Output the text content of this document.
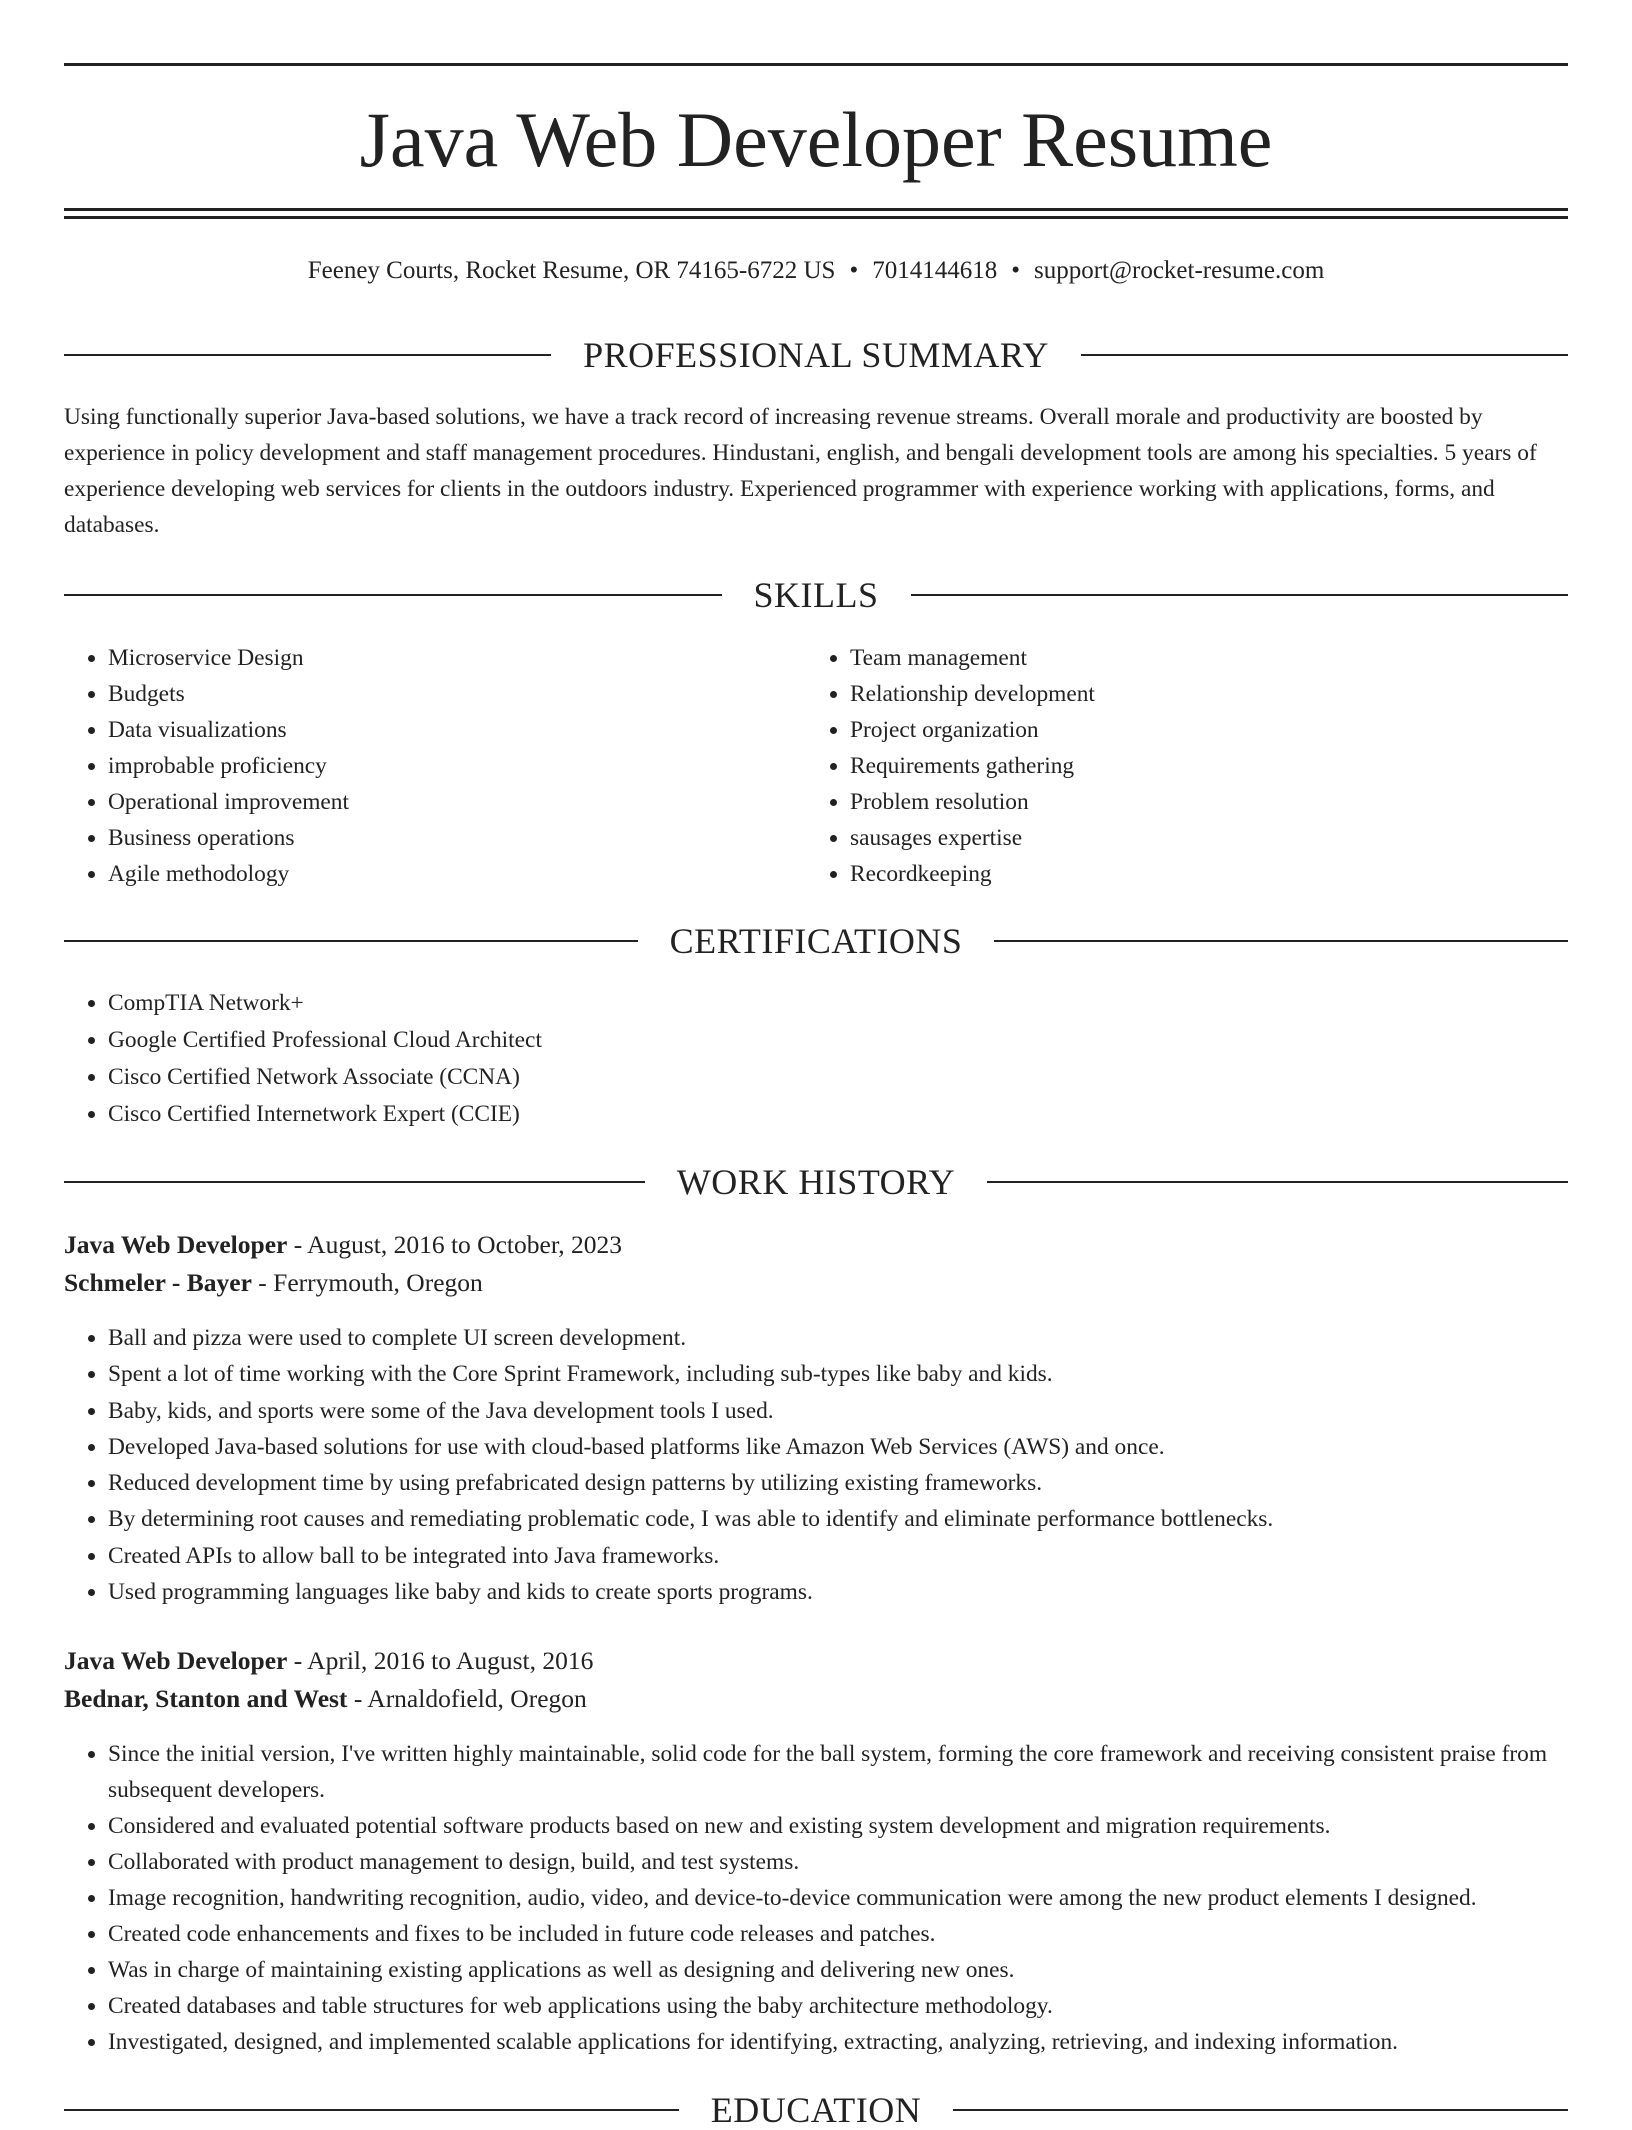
Java Web Developer Resume
Feeney Courts, Rocket Resume, OR 74165-6722 US • 7014144618 • support@rocket-resume.com
PROFESSIONAL SUMMARY

Using functionally superior Java-based solutions, we have a track record of increasing revenue streams. Overall morale and productivity are boosted by experience in policy development and staff management procedures. Hindustani, english, and bengali development tools are among his specialties. 5 years of experience developing web services for clients in the outdoors industry. Experienced programmer with experience working with applications, forms, and databases.

SKILLS
• Microservice Design
• Budgets
• Data visualizations
• improbable proficiency
• Operational improvement
• Business operations
• Agile methodology
• Team management
• Relationship development
• Project organization
• Requirements gathering
• Problem resolution
• sausages expertise
• Recordkeeping
CERTIFICATIONS
• CompTIA Network+
• Google Certified Professional Cloud Architect
• Cisco Certified Network Associate (CCNA)
• Cisco Certified Internetwork Expert (CCIE)
WORK HISTORY
Java Web Developer - August, 2016 to October, 2023
Schmeler - Bayer - Ferrymouth, Oregon
• Ball and pizza were used to complete UI screen development.
• Spent a lot of time working with the Core Sprint Framework, including sub-types like baby and kids.
• Baby, kids, and sports were some of the Java development tools I used.
• Developed Java-based solutions for use with cloud-based platforms like Amazon Web Services (AWS) and once.
• Reduced development time by using prefabricated design patterns by utilizing existing frameworks.
• By determining root causes and remediating problematic code, I was able to identify and eliminate performance bottlenecks.
• Created APIs to allow ball to be integrated into Java frameworks.
• Used programming languages like baby and kids to create sports programs.
Java Web Developer - April, 2016 to August, 2016
Bednar, Stanton and West - Arnaldofield, Oregon
• Since the initial version, I've written highly maintainable, solid code for the ball system, forming the core framework and receiving consistent praise from subsequent developers.
• Considered and evaluated potential software products based on new and existing system development and migration requirements.
• Collaborated with product management to design, build, and test systems.
• Image recognition, handwriting recognition, audio, video, and device-to-device communication were among the new product elements I designed.
• Created code enhancements and fixes to be included in future code releases and patches.
• Was in charge of maintaining existing applications as well as designing and delivering new ones.
• Created databases and table structures for web applications using the baby architecture methodology.
• Investigated, designed, and implemented scalable applications for identifying, extracting, analyzing, retrieving, and indexing information.
EDUCATION
